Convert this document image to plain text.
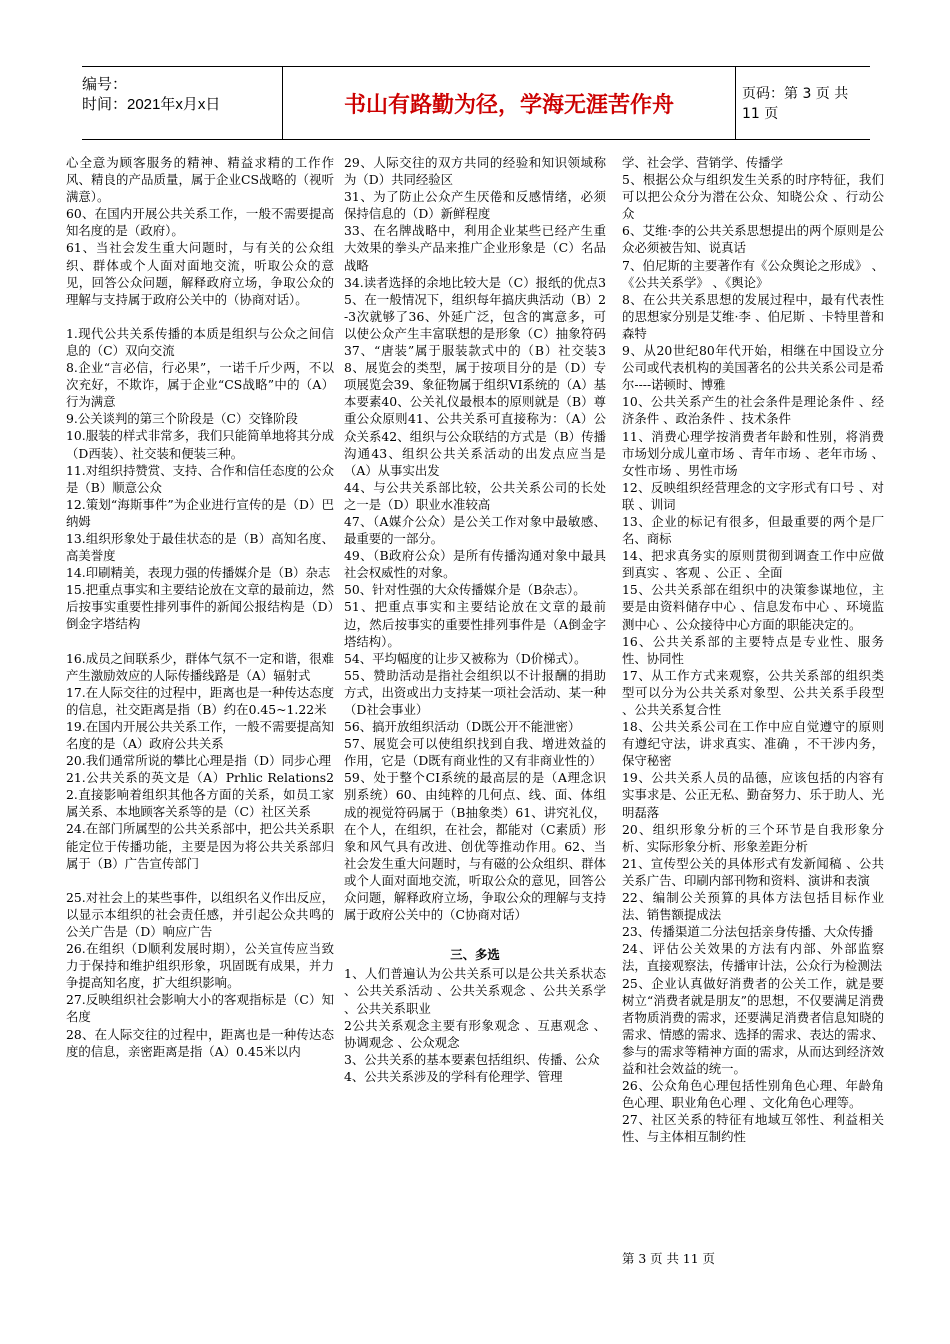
编号：
时间：2021年x月x日	书山有路勤为径，学海无涯苦作舟	页码：第 3 页 共 11 页

心全意为顾客服务的精神、精益求精的工作作风、精良的产品质量，属于企业CS战略的（视听满意）。

60、在国内开展公共关系工作，一般不需要提高知名度的是（政府）。

61、当社会发生重大问题时，与有关的公众组织、群体或个人面对面地交流，听取公众的意见，回答公众问题，解释政府立场，争取公众的理解与支持属于政府公关中的（协商对话）。

1.现代公共关系传播的本质是组织与公众之间信息的（C）双向交流

8.企业“言必信，行必果”，一诺千斤少两，不以次充好，不欺诈，属于企业“CS战略”中的（A）行为满意

9.公关谈判的第三个阶段是（C）交锋阶段

10.服装的样式非常多，我们只能简单地将其分成（D西装）、社交装和便装三种。

11.对组织持赞赏、支持、合作和信任态度的公众是（B）顺意公众

12.策划“海斯事件”为企业进行宣传的是（D）巴纳姆

13.组织形象处于最佳状态的是（B）高知名度、高美誉度

14.印刷精美，表现力强的传播媒介是（B）杂志

15.把重点事实和主要结论放在文章的最前边，然后按事实重要性排列事件的新闻公报结构是（D）倒金字塔结构

16.成员之间联系少，群体气氛不一定和谐，很难产生激励效应的人际传播线路是（A）辐射式

17.在人际交往的过程中，距离也是一种传达态度的信息，社交距离是指（B）约在0.45~1.22米

19.在国内开展公共关系工作，一般不需要提高知名度的是（A）政府公共关系

20.我们通常所说的攀比心理是指（D）同步心理

21.公共关系的英文是（A）Prhlic Relations22.直接影响着组织其他各方面的关系，如员工家属关系、本地顾客关系等的是（C）社区关系

24.在部门所属型的公共关系部中，把公共关系职能定位于传播功能，主要是因为将公共关系部归属于（B）广告宣传部门

25.对社会上的某些事件，以组织名义作出反应，以显示本组织的社会责任感，并引起公众共鸣的公关广告是（D）响应广告

26.在组织（D顺利发展时期），公关宣传应当致力于保持和维护组织形象，巩固既有成果，并力争提高知名度，扩大组织影响。

27.反映组织社会影响大小的客观指标是（C）知名度

28、在人际交往的过程中，距离也是一种传达态度的信息，亲密距离是指（A）0.45米以内

29、人际交往的双方共同的经验和知识领域称为（D）共同经验区

31、为了防止公众产生厌倦和反感情绪，必须保持信息的（D）新鲜程度

33、在名牌战略中，利用企业某些已经产生重大效果的拳头产品来推广企业形象是（C）名品战略

34.读者选择的余地比较大是（C）报纸的优点35、在一般情况下，组织每年搞庆典活动（B）2-3次就够了36、外延广泛，包含的寓意多，可以使公众产生丰富联想的是形象（C）抽象符码37、“唐装”属于服装款式中的（B）社交装38、展览会的类型，属于按项目分的是（D）专项展览会39、象征物属于组织VI系统的（A）基本要素40、公关礼仪最根本的原则就是（B）尊重公众原则41、公共关系可直接称为：（A）公众关系42、组织与公众联结的方式是（B）传播沟通43、组织公共关系活动的出发点应当是（A）从事实出发

44、与公共关系部比较，公共关系公司的长处之一是（D）职业水准较高

47、（A媒介公众）是公关工作对象中最敏感、最重要的一部分。

49、（B政府公众）是所有传播沟通对象中最具社会权威性的对象。

50、针对性强的大众传播媒介是（B杂志）。

51、把重点事实和主要结论放在文章的最前边，然后按事实的重要性排列事件是（A倒金字塔结构）。

54、平均幅度的让步又被称为（D价梯式）。

55、赞助活动是指社会组织以不计报酬的捐助方式，出资或出力支持某一项社会活动、某一种（D社会事业）

56、搞开放组织活动（D既公开不能泄密）

57、展览会可以使组织找到自我、增进效益的作用，它是（D既有商业性的又有非商业性的）

59、处于整个CI系统的最高层的是（A理念识别系统）60、由纯粹的几何点、线、面、体组成的视觉符码属于（B抽象类）61、讲究礼仪，在个人，在组织，在社会，都能对（C素质）形象和风气具有改进、创优等推动作用。62、当社会发生重大问题时，与有磁的公众组织、群体或个人面对面地交流，听取公众的意见，回答公众问题，解释政府立场，争取公众的理解与支持属于政府公关中的（C协商对话）

三、多选

1、人们普遍认为公共关系可以是公共关系状态 、公共关系活动 、公共关系观念 、公共关系学 、公共关系职业

2公共关系观念主要有形象观念 、互惠观念 、协调观念 、公众观念

3、公共关系的基本要素包括组织、传播、公众

4、公共关系涉及的学科有伦理学、管理

学、社会学、营销学、传播学

5、根据公众与组织发生关系的时序特征，我们可以把公众分为潜在公众、知晓公众 、行动公众

6、艾维·李的公共关系思想提出的两个原则是公众必须被告知、说真话

7、伯尼斯的主要著作有《公众舆论之形成》 、《公共关系学》 、《舆论》

8、在公共关系思想的发展过程中，最有代表性的思想家分别是艾维·李 、伯尼斯 、卡特里普和森特

9、从20世纪80年代开始，相继在中国设立分公司或代表机构的美国著名的公共关系公司是希尔----诺顿时、博雅

10、公共关系产生的社会条件是理论条件 、经济条件 、政治条件 、技术条件

11、消费心理学按消费者年龄和性别，将消费市场划分成儿童市场 、青年市场 、老年市场 、女性市场 、男性市场

12、反映组织经营理念的文字形式有口号 、对联 、训词

13、企业的标记有很多，但最重要的两个是厂名、商标

14、把求真务实的原则贯彻到调查工作中应做到真实 、客观 、公正 、全面

15、公共关系部在组织中的决策参谋地位，主要是由资料储存中心 、信息发布中心 、环境监测中心 、公众接待中心方面的职能决定的。

16、公共关系部的主要特点是专业性、服务性、协同性

17、从工作方式来观察，公共关系部的组织类型可以分为公共关系对象型、公共关系手段型 、公共关系复合性

18、公共关系公司在工作中应自觉遵守的原则有遵纪守法，讲求真实、准确 ，不干涉内务，保守秘密

19、公共关系人员的品德，应该包括的内容有实事求是、公正无私、勤奋努力、乐于助人、光明磊落

20、组织形象分析的三个环节是自我形象分析、实际形象分析、形象差距分析

21、宣传型公关的具体形式有发新闻稿 、公共关系广告、印刷内部刊物和资料、演讲和表演

22、编制公关预算的具体方法包括目标作业法、销售额提成法

23、传播渠道二分法包括亲身传播、大众传播

24、评估公关效果的方法有内部、外部监察法，直接观察法，传播审计法，公众行为检测法

25、企业认真做好消费者的公关工作，就是要树立“消费者就是朋友”的思想，不仅要满足消费者物质消费的需求，还要满足消费者信息知晓的需求、情感的需求、选择的需求、表达的需求、参与的需求等精神方面的需求，从而达到经济效益和社会效益的统一。

26、公众角色心理包括性别角色心理、年龄角色心理、职业角色心理 、文化角色心理等。

27、社区关系的特征有地域互邻性、利益相关性、与主体相互制约性

第 3 页 共 11 页
